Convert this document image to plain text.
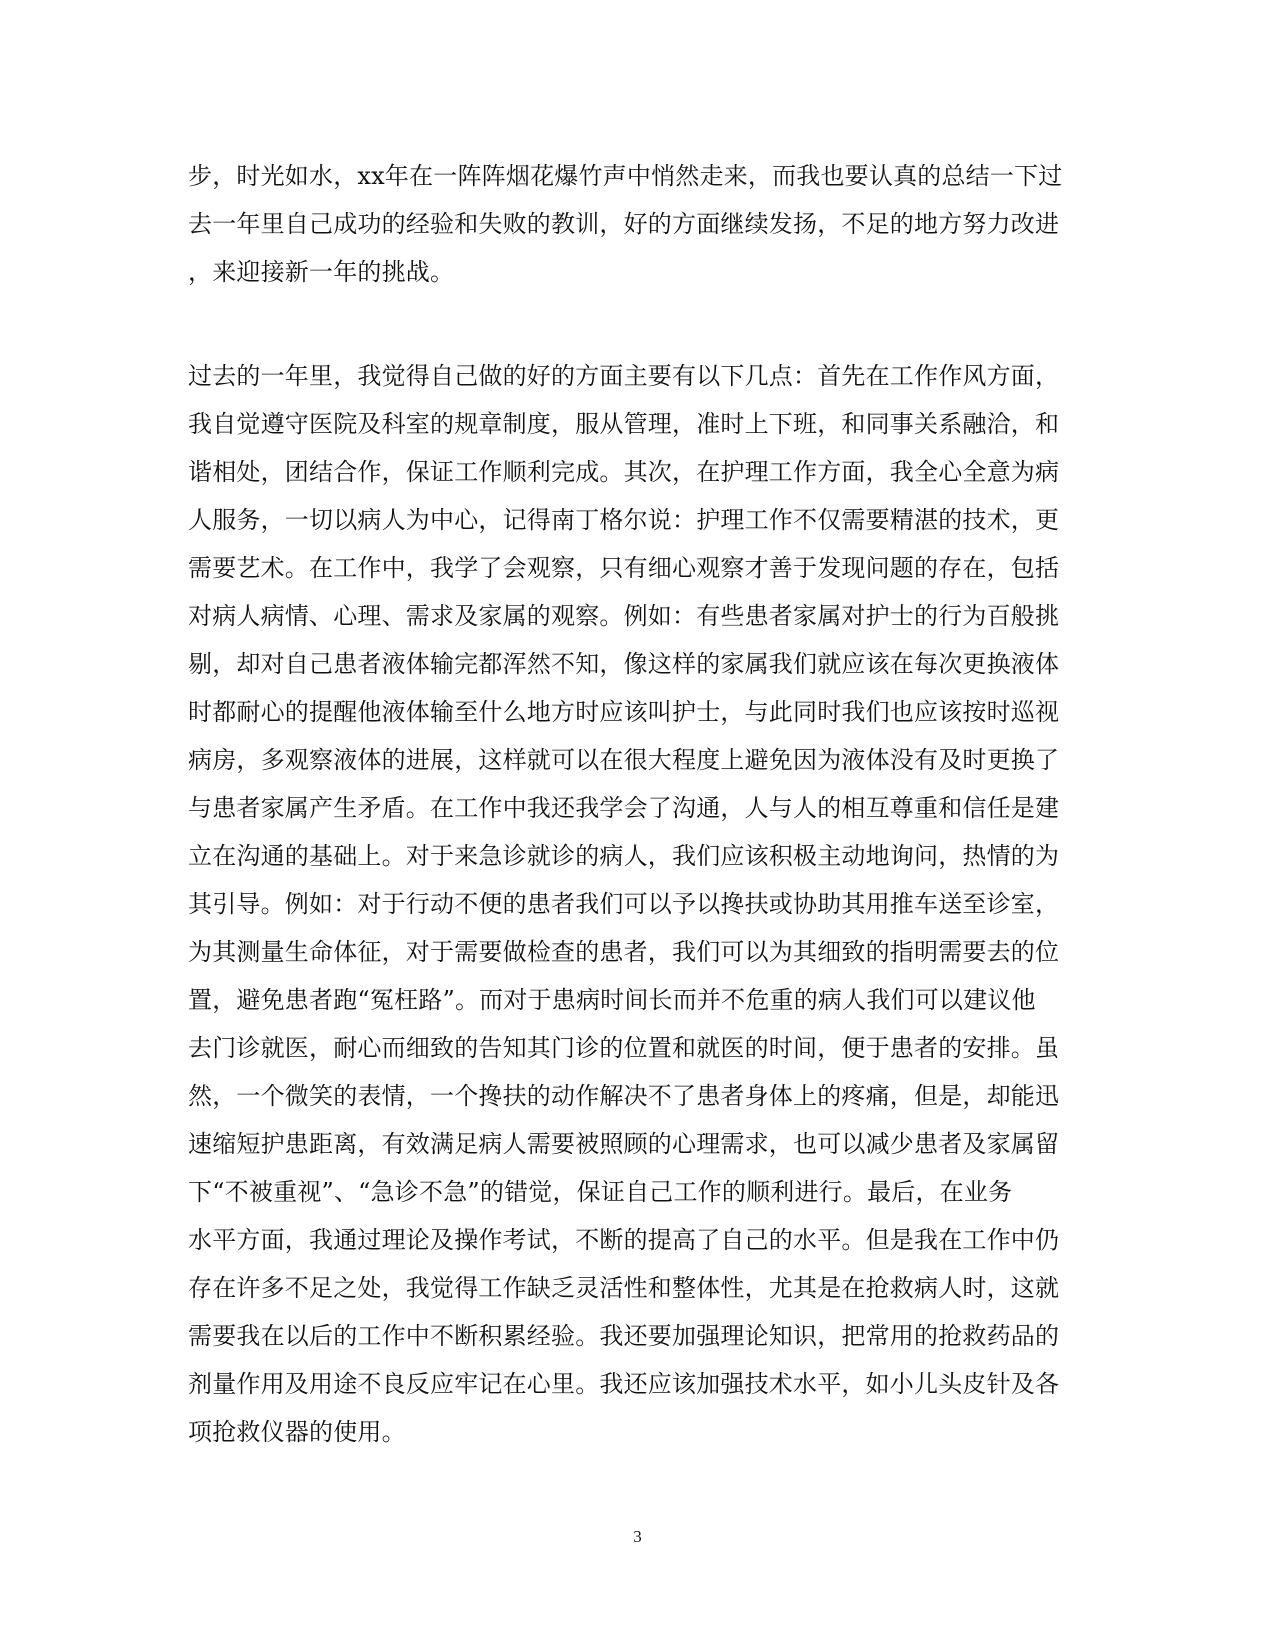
步，时光如水，xx年在一阵阵烟花爆竹声中悄然走来，而我也要认真的总结一下过
去一年里自己成功的经验和失败的教训，好的方面继续发扬，不足的地方努力改进
，来迎接新一年的挑战。
过去的一年里，我觉得自己做的好的方面主要有以下几点：首先在工作作风方面，
我自觉遵守医院及科室的规章制度，服从管理，准时上下班，和同事关系融洽，和
谐相处，团结合作，保证工作顺利完成。其次，在护理工作方面，我全心全意为病
人服务，一切以病人为中心，记得南丁格尔说：护理工作不仅需要精湛的技术，更
需要艺术。在工作中，我学了会观察，只有细心观察才善于发现问题的存在，包括
对病人病情、心理、需求及家属的观察。例如：有些患者家属对护士的行为百般挑
剔，却对自己患者液体输完都浑然不知，像这样的家属我们就应该在每次更换液体
时都耐心的提醒他液体输至什么地方时应该叫护士，与此同时我们也应该按时巡视
病房，多观察液体的进展，这样就可以在很大程度上避免因为液体没有及时更换了
与患者家属产生矛盾。在工作中我还我学会了沟通，人与人的相互尊重和信任是建
立在沟通的基础上。对于来急诊就诊的病人，我们应该积极主动地询问，热情的为
其引导。例如：对于行动不便的患者我们可以予以搀扶或协助其用推车送至诊室，
为其测量生命体征，对于需要做检查的患者，我们可以为其细致的指明需要去的位
置，避免患者跑“冤枉路”。而对于患病时间长而并不危重的病人我们可以建议他
去门诊就医，耐心而细致的告知其门诊的位置和就医的时间，便于患者的安排。虽
然，一个微笑的表情，一个搀扶的动作解决不了患者身体上的疼痛，但是，却能迅
速缩短护患距离，有效满足病人需要被照顾的心理需求，也可以减少患者及家属留
下“不被重视”、“急诊不急”的错觉，保证自己工作的顺利进行。最后，在业务
水平方面，我通过理论及操作考试，不断的提高了自己的水平。但是我在工作中仍
存在许多不足之处，我觉得工作缺乏灵活性和整体性，尤其是在抢救病人时，这就
需要我在以后的工作中不断积累经验。我还要加强理论知识，把常用的抢救药品的
剂量作用及用途不良反应牢记在心里。我还应该加强技术水平，如小儿头皮针及各
项抢救仪器的使用。
3
